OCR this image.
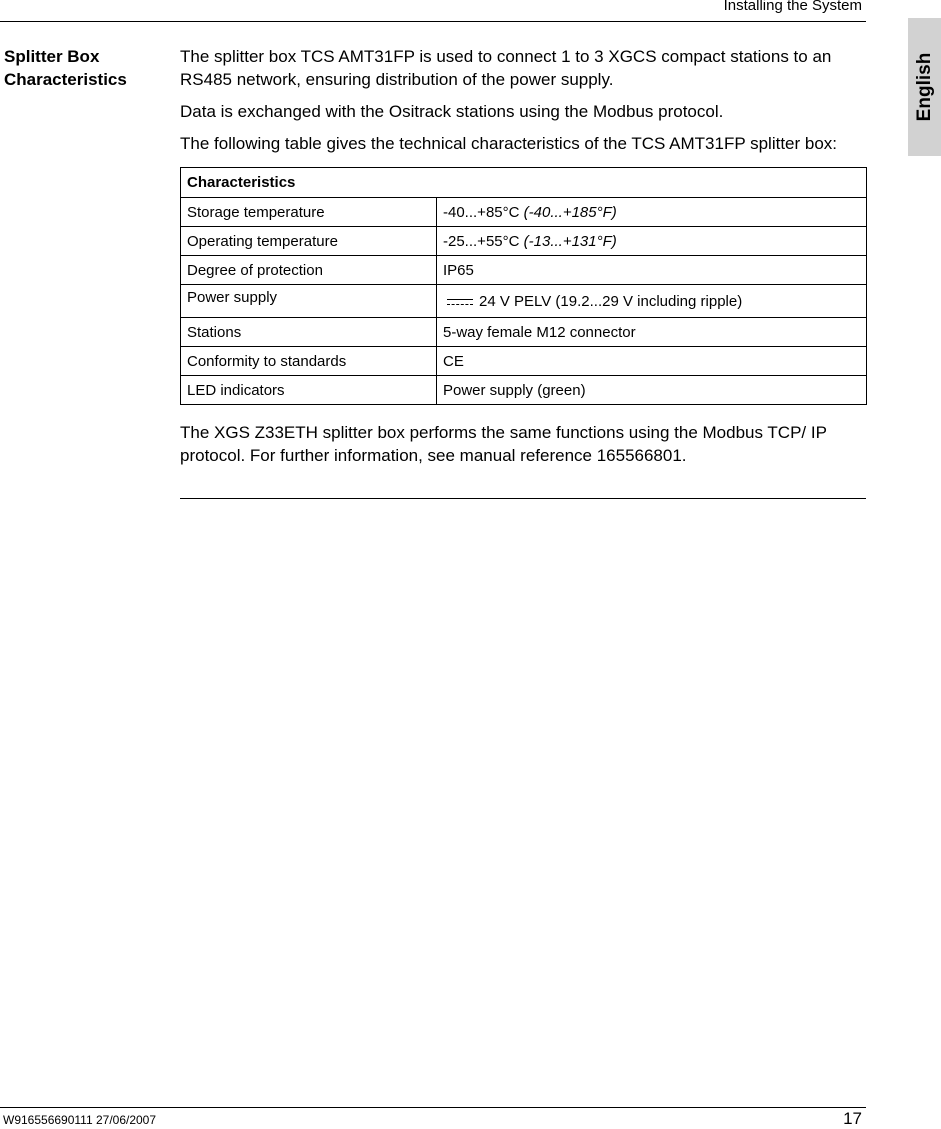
Installing the System
English
Splitter Box
Characteristics

The splitter box TCS AMT31FP is used to connect 1 to 3 XGCS compact stations to an RS485 network, ensuring distribution of the power supply.

Data is exchanged with the Ositrack stations using the Modbus protocol.

The following table gives the technical characteristics of the TCS AMT31FP splitter box:

Characteristics	
Storage temperature	-40...+85°C (-40...+185°F)
Operating temperature	-25...+55°C (-13...+131°F)
Degree of protection	IP65
Power supply	24 V PELV (19.2...29 V including ripple)
Stations	5-way female M12 connector
Conformity to standards	CE
LED indicators	Power supply (green)

The XGS Z33ETH splitter box performs the same functions using the Modbus TCP/ IP protocol. For further information, see manual reference 165566801.

W916556690111 27/06/2007	17
